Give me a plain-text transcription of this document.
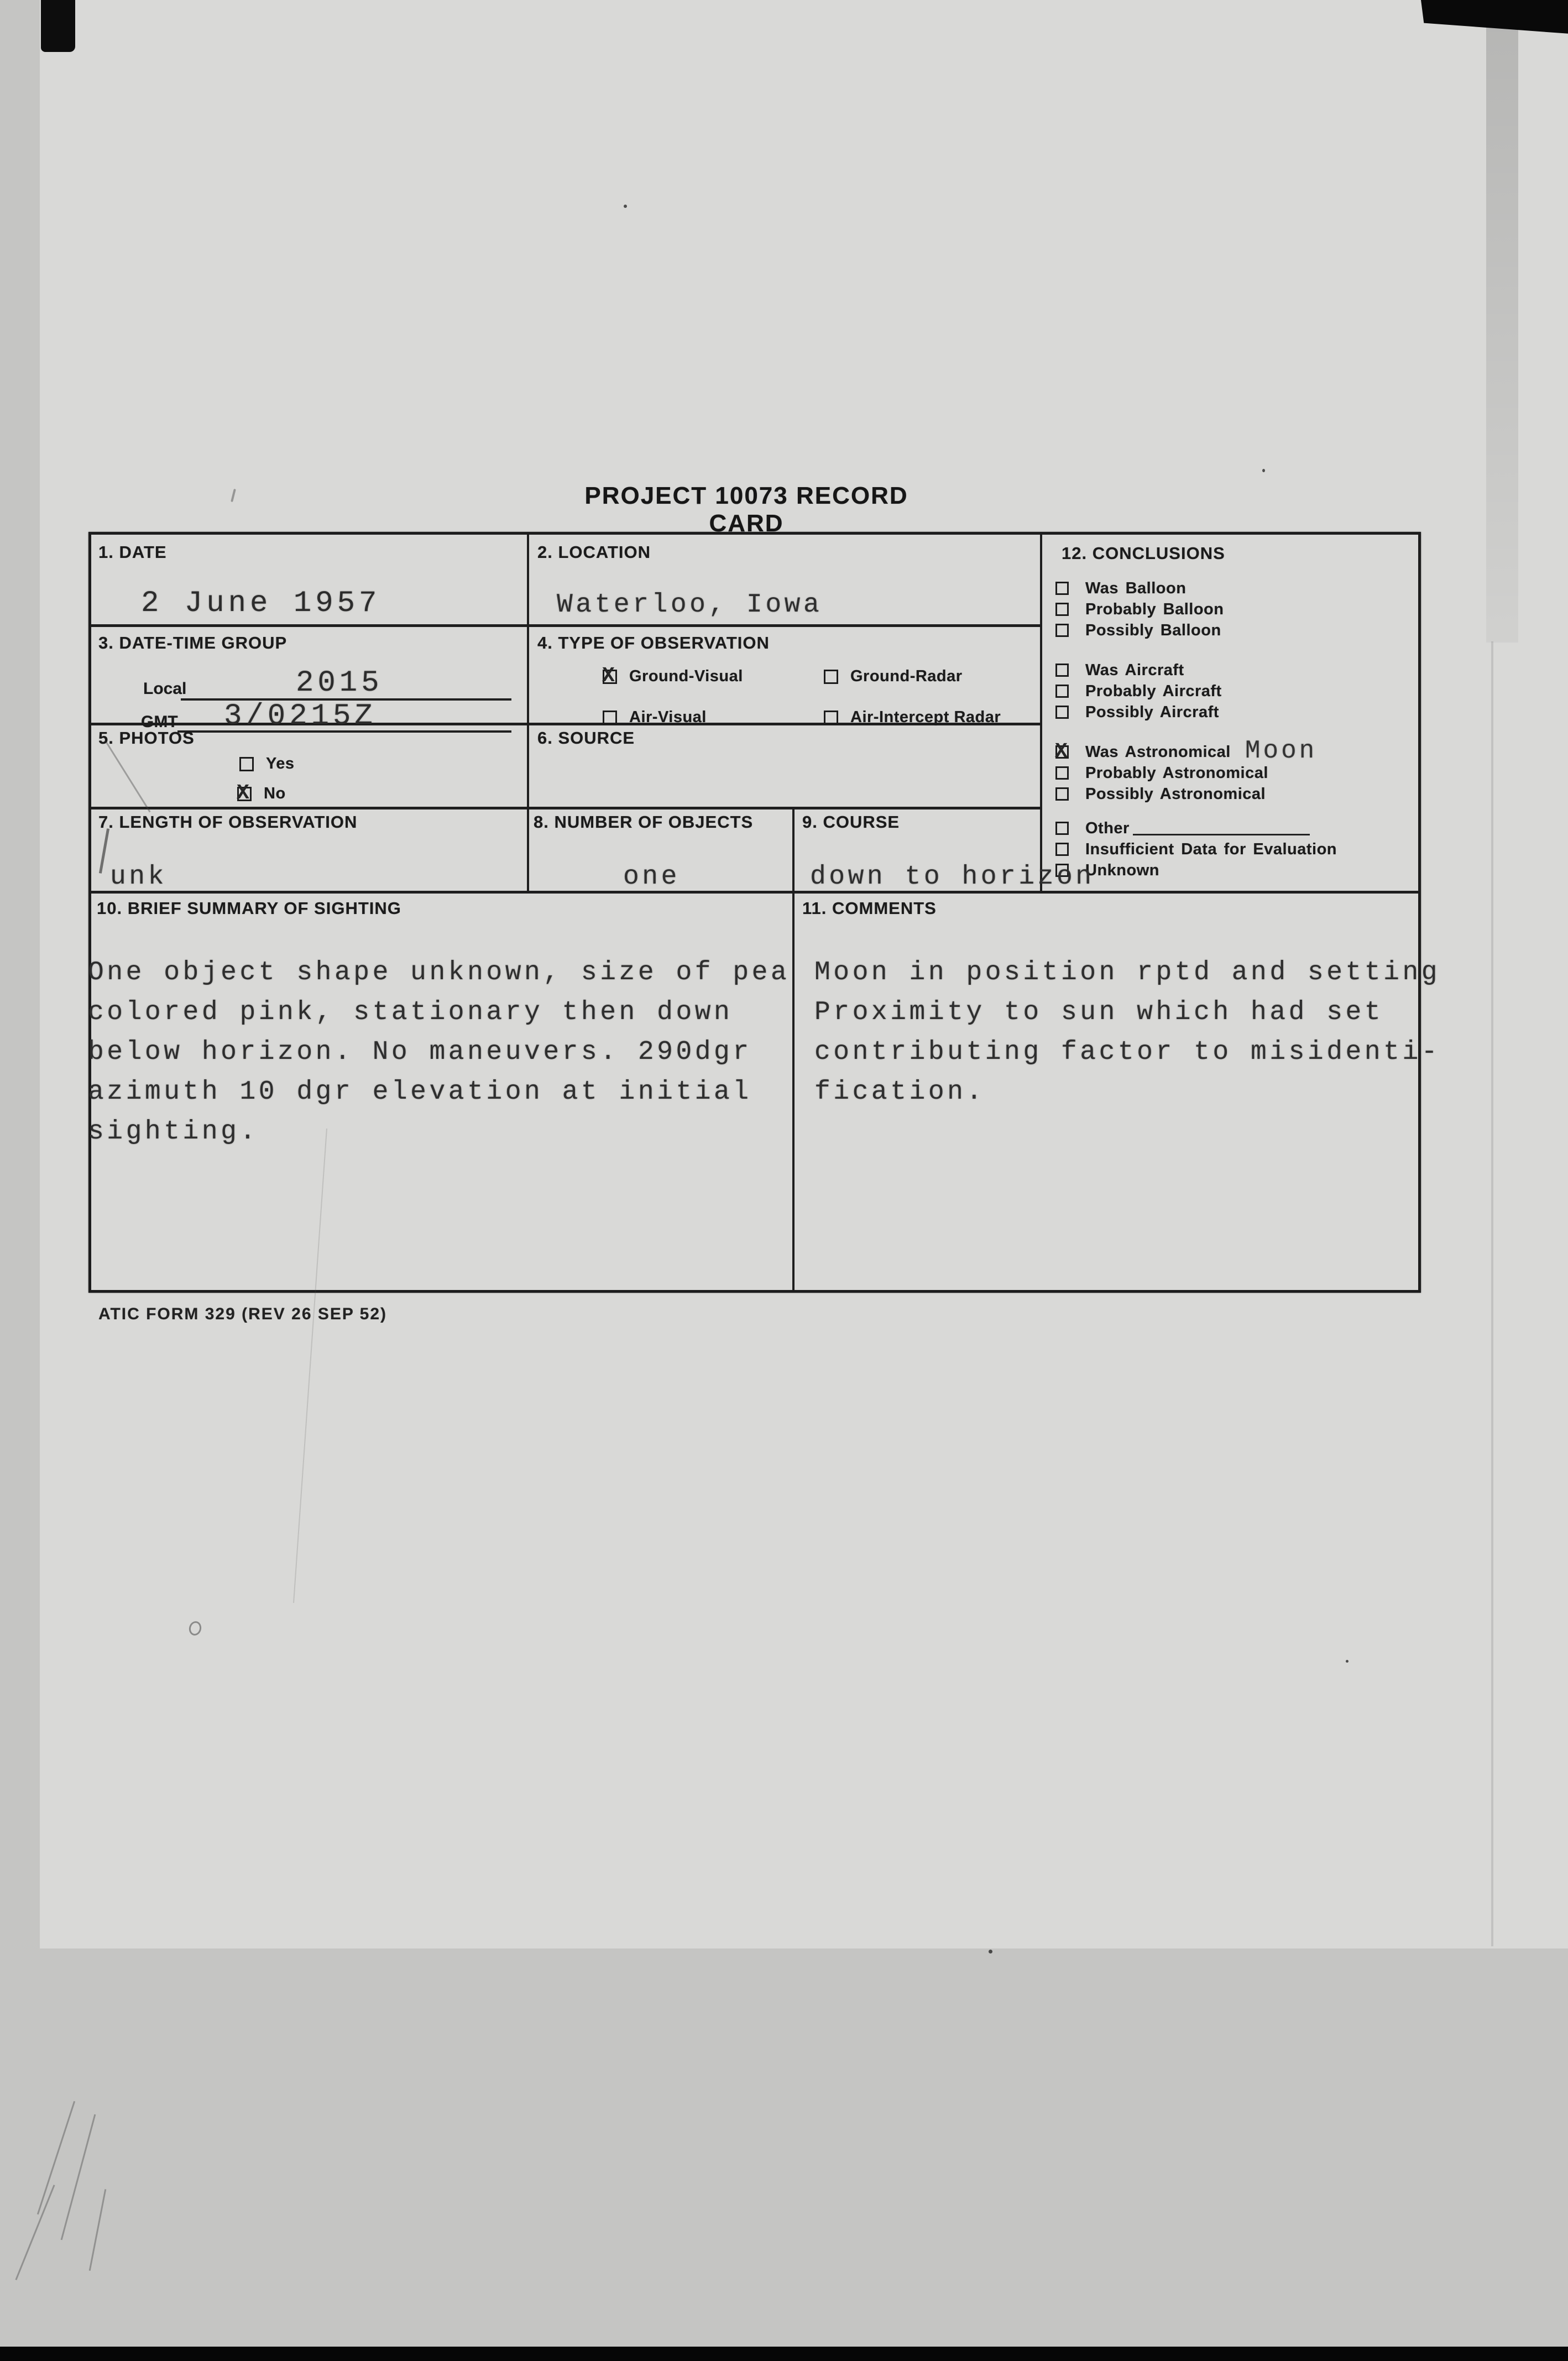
PROJECT 10073 RECORD CARD
1. DATE
2 June 1957
2. LOCATION
Waterloo, Iowa
3. DATE-TIME GROUP
Local	2015
GMT 3/0215Z
4. TYPE OF OBSERVATION
X Ground-Visual	Ground-Radar
Air-Visual	Air-Intercept Radar
5. PHOTOS
Yes
X No
6. SOURCE
7. LENGTH OF OBSERVATION
unk
8. NUMBER OF OBJECTS
one
9. COURSE
down to horizon
10. BRIEF SUMMARY OF SIGHTING
One object shape unknown, size of pea
colored pink, stationary then down
below horizon. No maneuvers. 290dgr
azimuth 10 dgr elevation at initial
sighting.
11. COMMENTS
Moon in position rptd and setting
Proximity to sun which had set
contributing factor to misidenti-
fication.
12. CONCLUSIONS
Was Balloon
Probably Balloon
Possibly Balloon
Was Aircraft
Probably Aircraft
Possibly Aircraft
X Was Astronomical Moon
Probably Astronomical
Possibly Astronomical
Other
Insufficient Data for Evaluation
Unknown
ATIC FORM 329 (REV 26 SEP 52)
